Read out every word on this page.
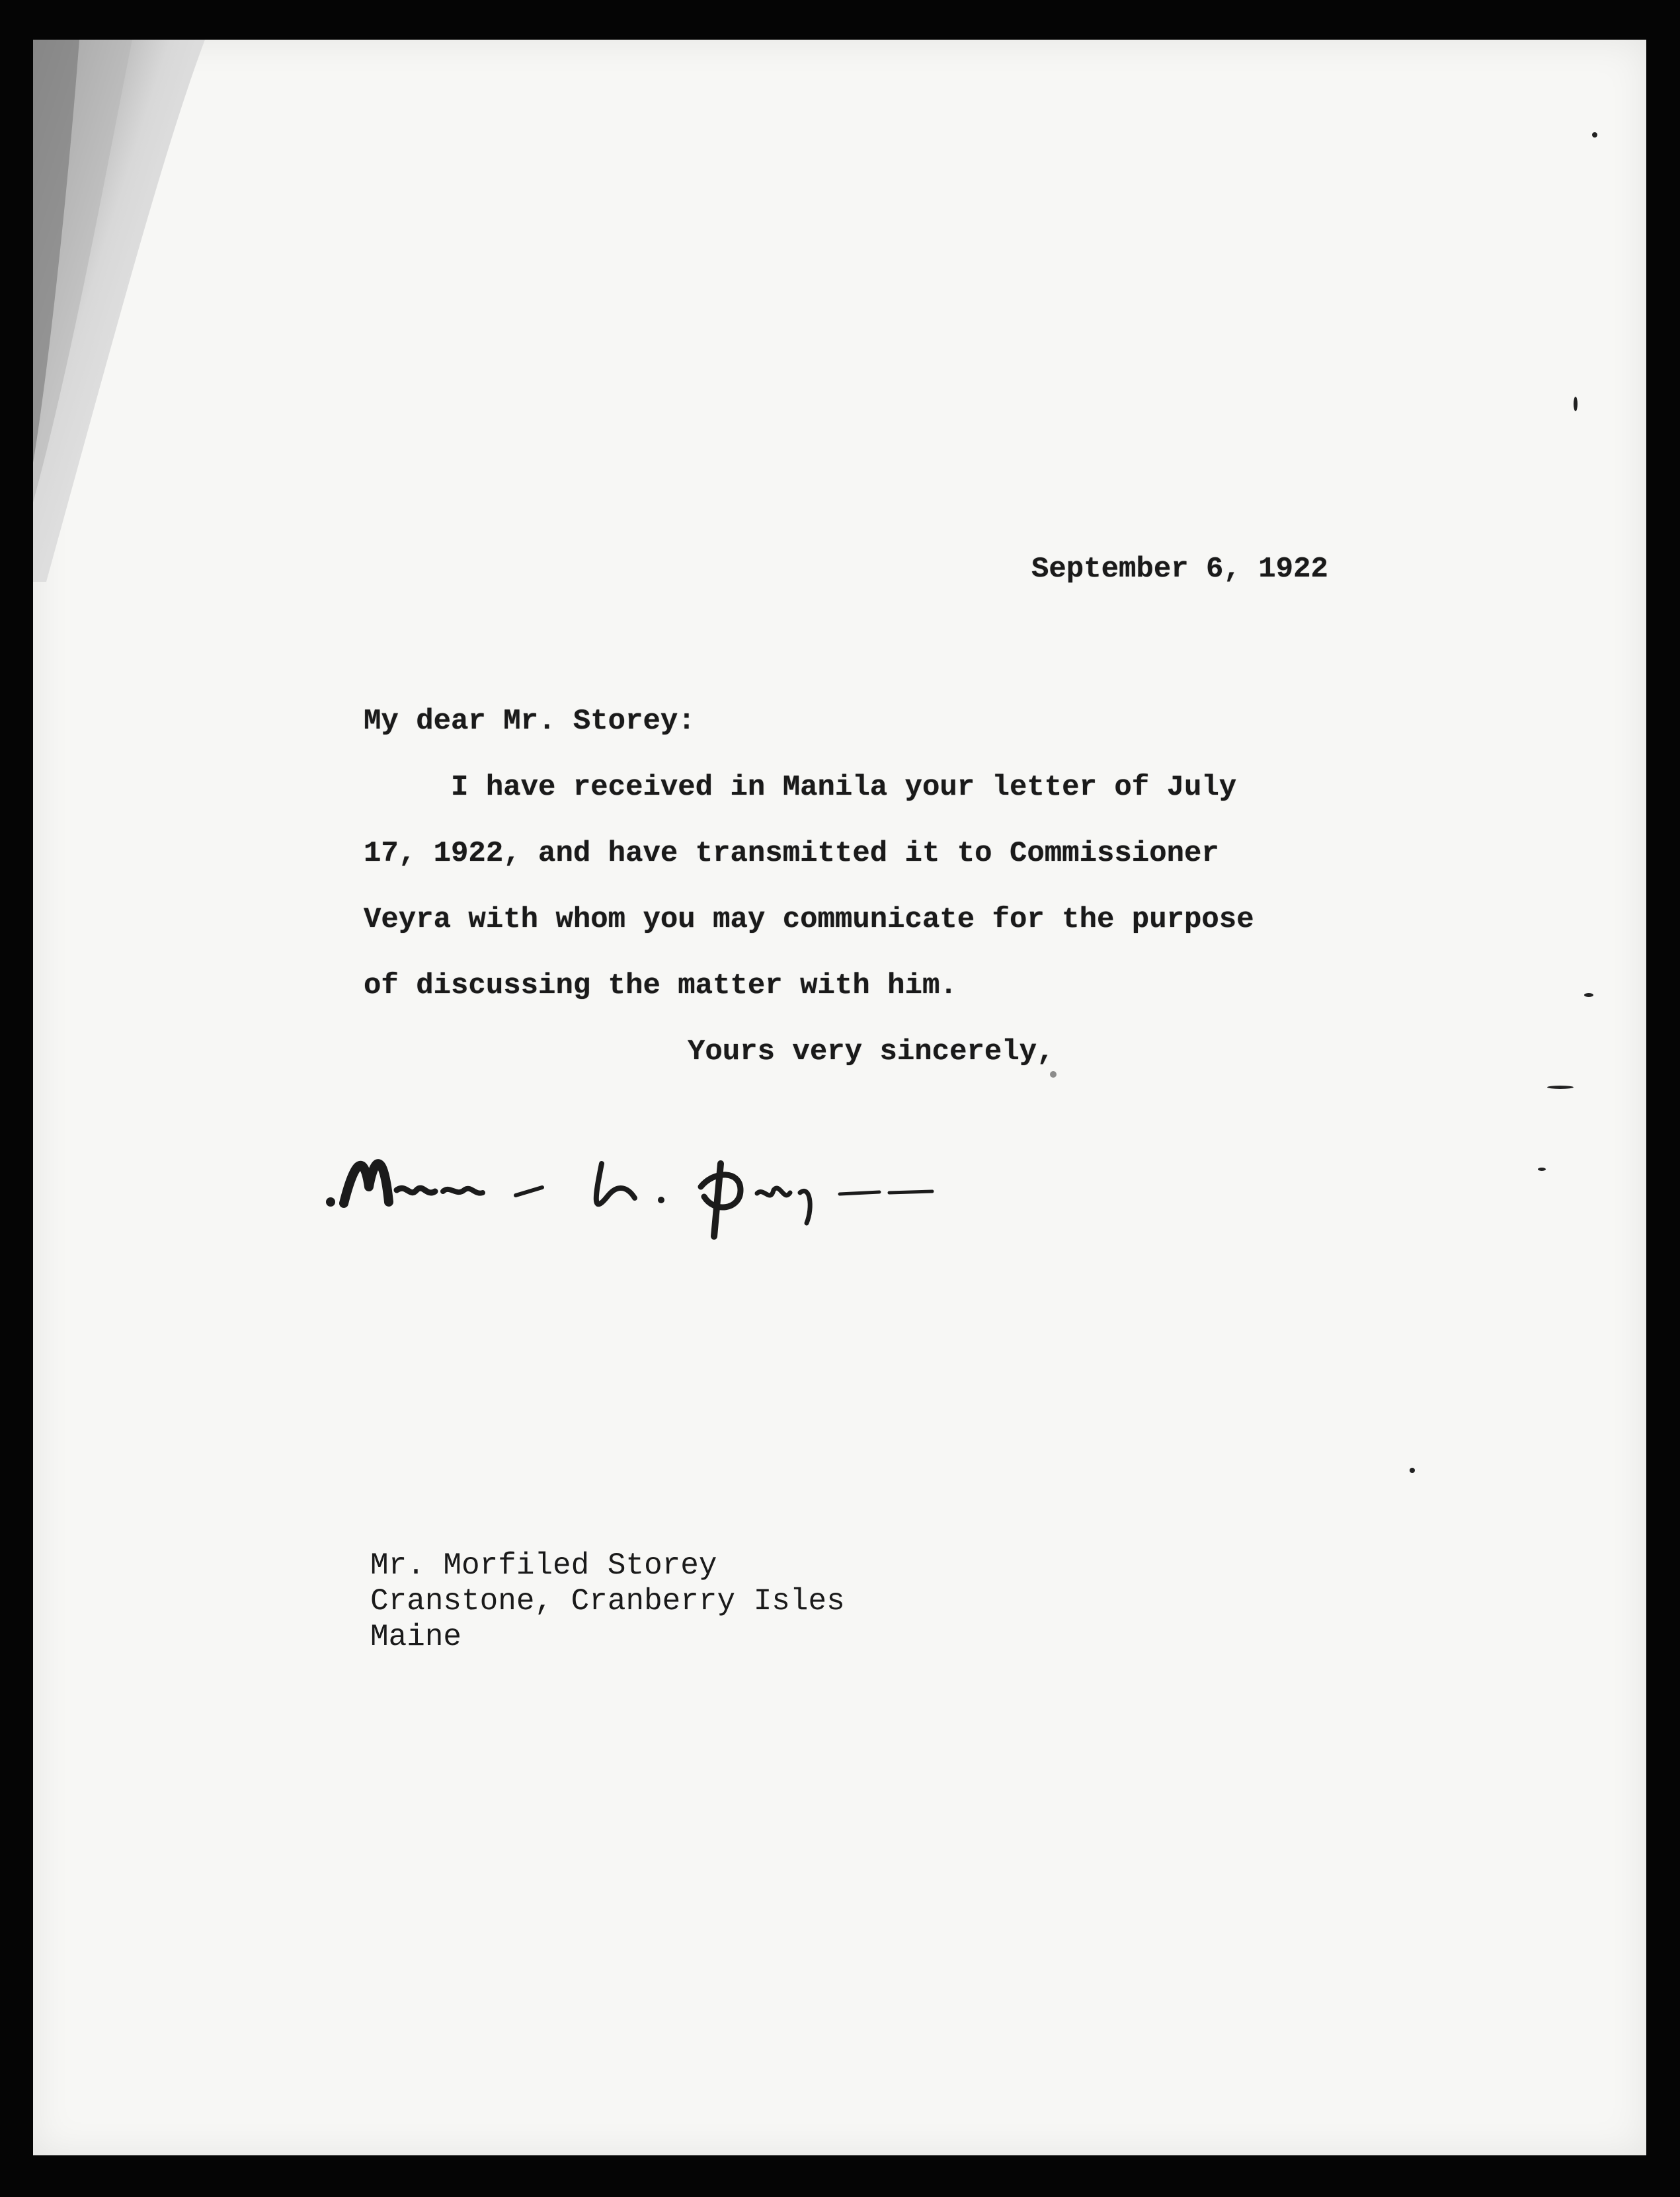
September 6, 1922
My dear Mr. Storey:
I have received in Manila your letter of July
17, 1922, and have transmitted it to Commissioner
Veyra with whom you may communicate for the purpose
of discussing the matter with him.
Yours very sincerely,
Mr. Morfiled Storey
Cranstone, Cranberry Isles
Maine
